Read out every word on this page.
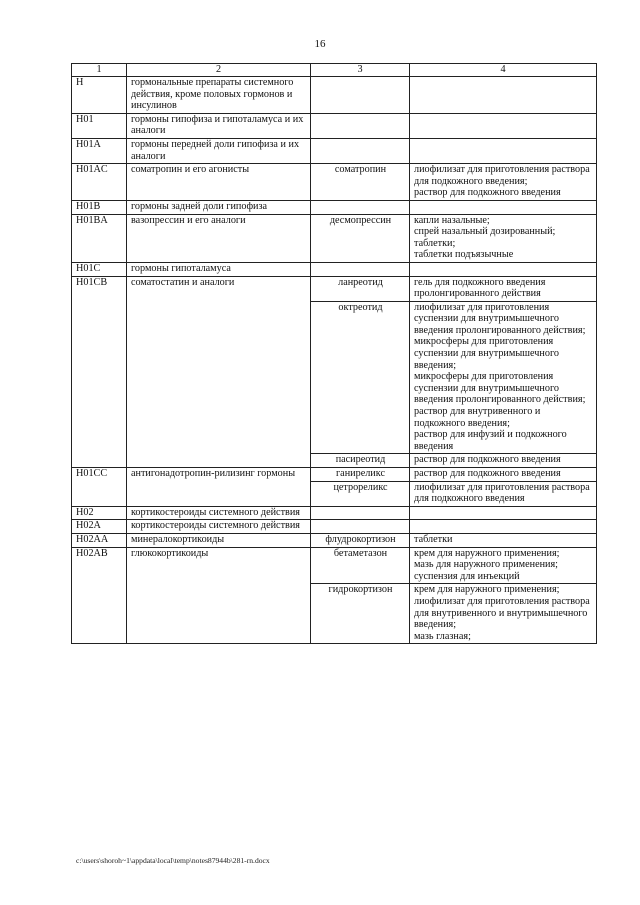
16
1	2	3	4
H	гормональные препараты системного действия, кроме половых гормонов и инсулинов		
H01	гормоны гипофиза и гипоталамуса и их аналоги		
H01A	гормоны передней доли гипофиза и их аналоги		
H01AC	соматропин и его агонисты	соматропин	лиофилизат для приготовления раствора для подкожного введения;
раствор для подкожного введения
H01B	гормоны задней доли гипофиза		
H01BA	вазопрессин и его аналоги	десмопрессин	капли назальные;
спрей назальный дозированный;
таблетки;
таблетки подъязычные
H01C	гормоны гипоталамуса		
H01CB	соматостатин и аналоги	ланреотид	гель для подкожного введения пролонгированного действия
		октреотид	лиофилизат для приготовления суспензии для внутримышечного введения пролонгированного действия;
микросферы для приготовления суспензии для внутримышечного введения;
микросферы для приготовления суспензии для внутримышечного введения пролонгированного действия;
раствор для внутривенного и подкожного введения;
раствор для инфузий и подкожного введения
		пасиреотид	раствор для подкожного введения
H01CC	антигонадотропин-рилизинг гормоны	ганиреликс	раствор для подкожного введения
		цетрореликс	лиофилизат для приготовления раствора для подкожного введения
H02	кортикостероиды системного действия		
H02A	кортикостероиды системного действия		
H02AA	минералокортикоиды	флудрокортизон	таблетки
H02AB	глюкокортикоиды	бетаметазон	крем для наружного применения;
мазь для наружного применения;
суспензия для инъекций
		гидрокортизон	крем для наружного применения;
лиофилизат для приготовления раствора для внутривенного и внутримышечного введения;
мазь глазная;
c:\users\shoroh~1\appdata\local\temp\notes87944b\281-rn.docx
